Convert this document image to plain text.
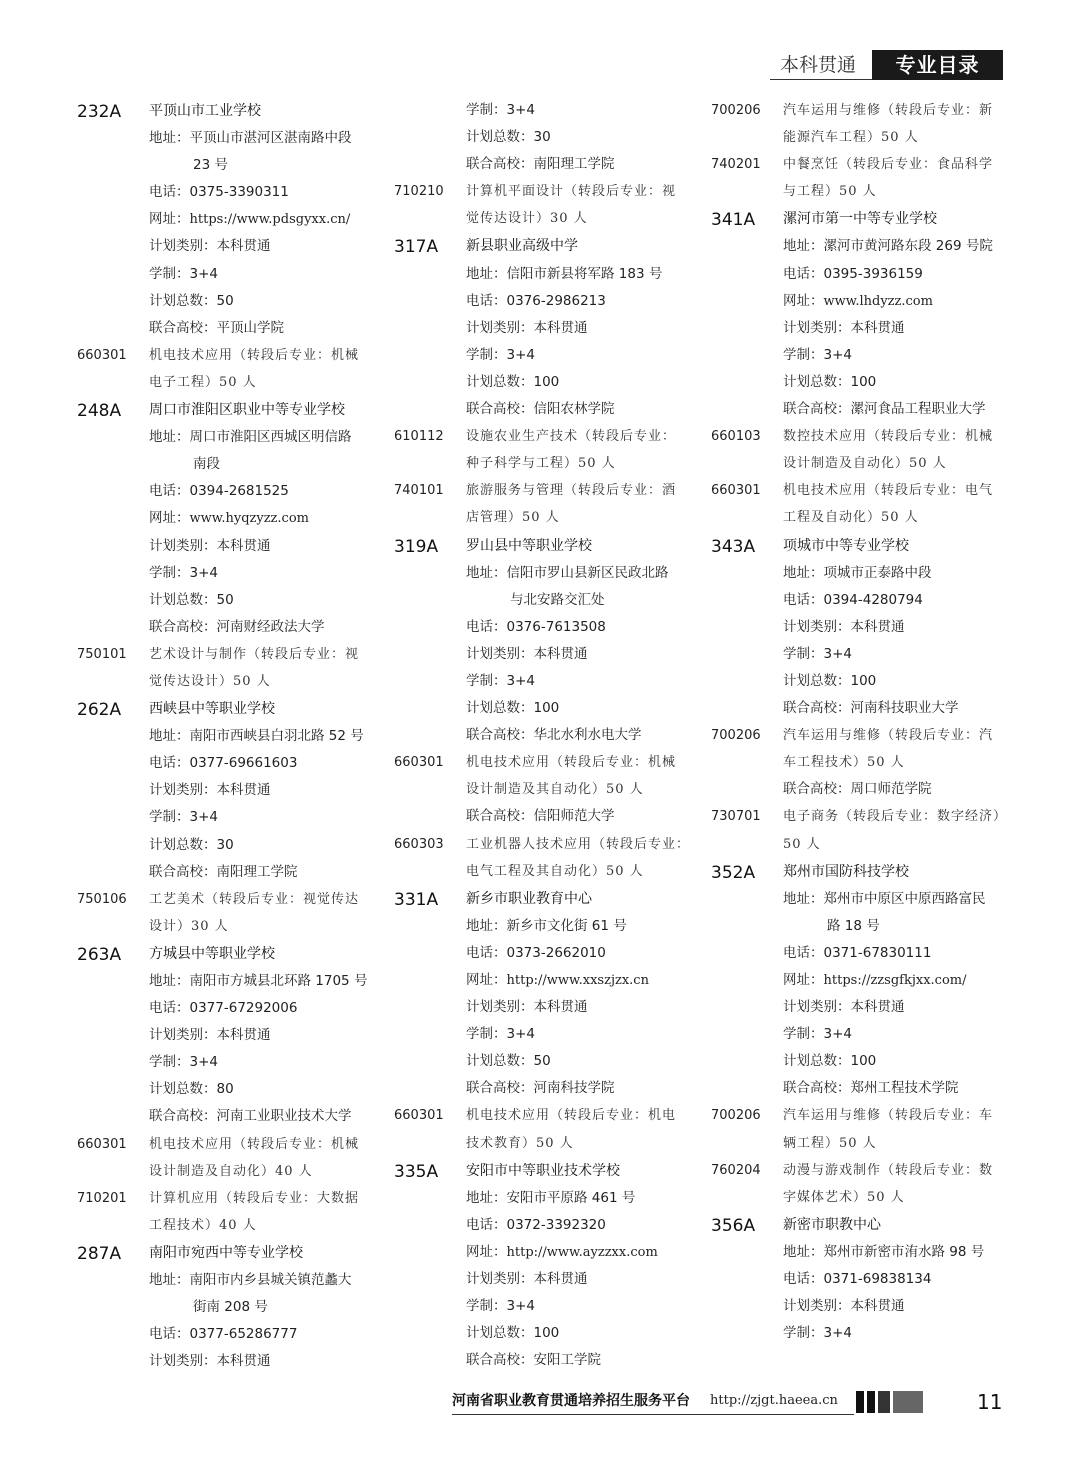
本科贯通	专业目录
232A 平顶山市工业学校
地址：平顶山市湛河区湛南路中段
23 号
电话：0375-3390311
网址：https://www.pdsgyxx.cn/
计划类别：本科贯通
学制：3+4
计划总数：50
联合高校：平顶山学院
660301 机电技术应用（转段后专业：机械
电子工程）50 人
248A 周口市淮阳区职业中等专业学校
地址：周口市淮阳区西城区明信路
南段
电话：0394-2681525
网址：www.hyqzyzz.com
计划类别：本科贯通
学制：3+4
计划总数：50
联合高校：河南财经政法大学
750101 艺术设计与制作（转段后专业：视
觉传达设计）50 人
262A 西峡县中等职业学校
地址：南阳市西峡县白羽北路 52 号
电话：0377-69661603
计划类别：本科贯通
学制：3+4
计划总数：30
联合高校：南阳理工学院
750106 工艺美术（转段后专业：视觉传达
设计）30 人
263A 方城县中等职业学校
地址：南阳市方城县北环路 1705 号
电话：0377-67292006
计划类别：本科贯通
学制：3+4
计划总数：80
联合高校：河南工业职业技术大学
660301 机电技术应用（转段后专业：机械
设计制造及自动化）40 人
710201 计算机应用（转段后专业：大数据
工程技术）40 人
287A 南阳市宛西中等专业学校
地址：南阳市内乡县城关镇范蠡大
街南 208 号
电话：0377-65286777
计划类别：本科贯通
学制：3+4
计划总数：30
联合高校：南阳理工学院
710210 计算机平面设计（转段后专业：视
觉传达设计）30 人
317A 新县职业高级中学
地址：信阳市新县将军路 183 号
电话：0376-2986213
计划类别：本科贯通
学制：3+4
计划总数：100
联合高校：信阳农林学院
610112 设施农业生产技术（转段后专业：
种子科学与工程）50 人
740101 旅游服务与管理（转段后专业：酒
店管理）50 人
319A 罗山县中等职业学校
地址：信阳市罗山县新区民政北路
与北安路交汇处
电话：0376-7613508
计划类别：本科贯通
学制：3+4
计划总数：100
联合高校：华北水利水电大学
660301 机电技术应用（转段后专业：机械
设计制造及其自动化）50 人
联合高校：信阳师范大学
660303 工业机器人技术应用（转段后专业：
电气工程及其自动化）50 人
331A 新乡市职业教育中心
地址：新乡市文化街 61 号
电话：0373-2662010
网址：http://www.xxszjzx.cn
计划类别：本科贯通
学制：3+4
计划总数：50
联合高校：河南科技学院
660301 机电技术应用（转段后专业：机电
技术教育）50 人
335A 安阳市中等职业技术学校
地址：安阳市平原路 461 号
电话：0372-3392320
网址：http://www.ayzzxx.com
计划类别：本科贯通
学制：3+4
计划总数：100
联合高校：安阳工学院
700206 汽车运用与维修（转段后专业：新
能源汽车工程）50 人
740201 中餐烹饪（转段后专业：食品科学
与工程）50 人
341A 漯河市第一中等专业学校
地址：漯河市黄河路东段 269 号院
电话：0395-3936159
网址：www.lhdyzz.com
计划类别：本科贯通
学制：3+4
计划总数：100
联合高校：漯河食品工程职业大学
660103 数控技术应用（转段后专业：机械
设计制造及自动化）50 人
660301 机电技术应用（转段后专业：电气
工程及自动化）50 人
343A 项城市中等专业学校
地址：项城市正泰路中段
电话：0394-4280794
计划类别：本科贯通
学制：3+4
计划总数：100
联合高校：河南科技职业大学
700206 汽车运用与维修（转段后专业：汽
车工程技术）50 人
联合高校：周口师范学院
730701 电子商务（转段后专业：数字经济）
50 人
352A 郑州市国防科技学校
地址：郑州市中原区中原西路富民
路 18 号
电话：0371-67830111
网址：https://zzsgfkjxx.com/
计划类别：本科贯通
学制：3+4
计划总数：100
联合高校：郑州工程技术学院
700206 汽车运用与维修（转段后专业：车
辆工程）50 人
760204 动漫与游戏制作（转段后专业：数
字媒体艺术）50 人
356A 新密市职教中心
地址：郑州市新密市洧水路 98 号
电话：0371-69838134
计划类别：本科贯通
学制：3+4
河南省职业教育贯通培养招生服务平台 http://zjgt.haeea.cn	11
